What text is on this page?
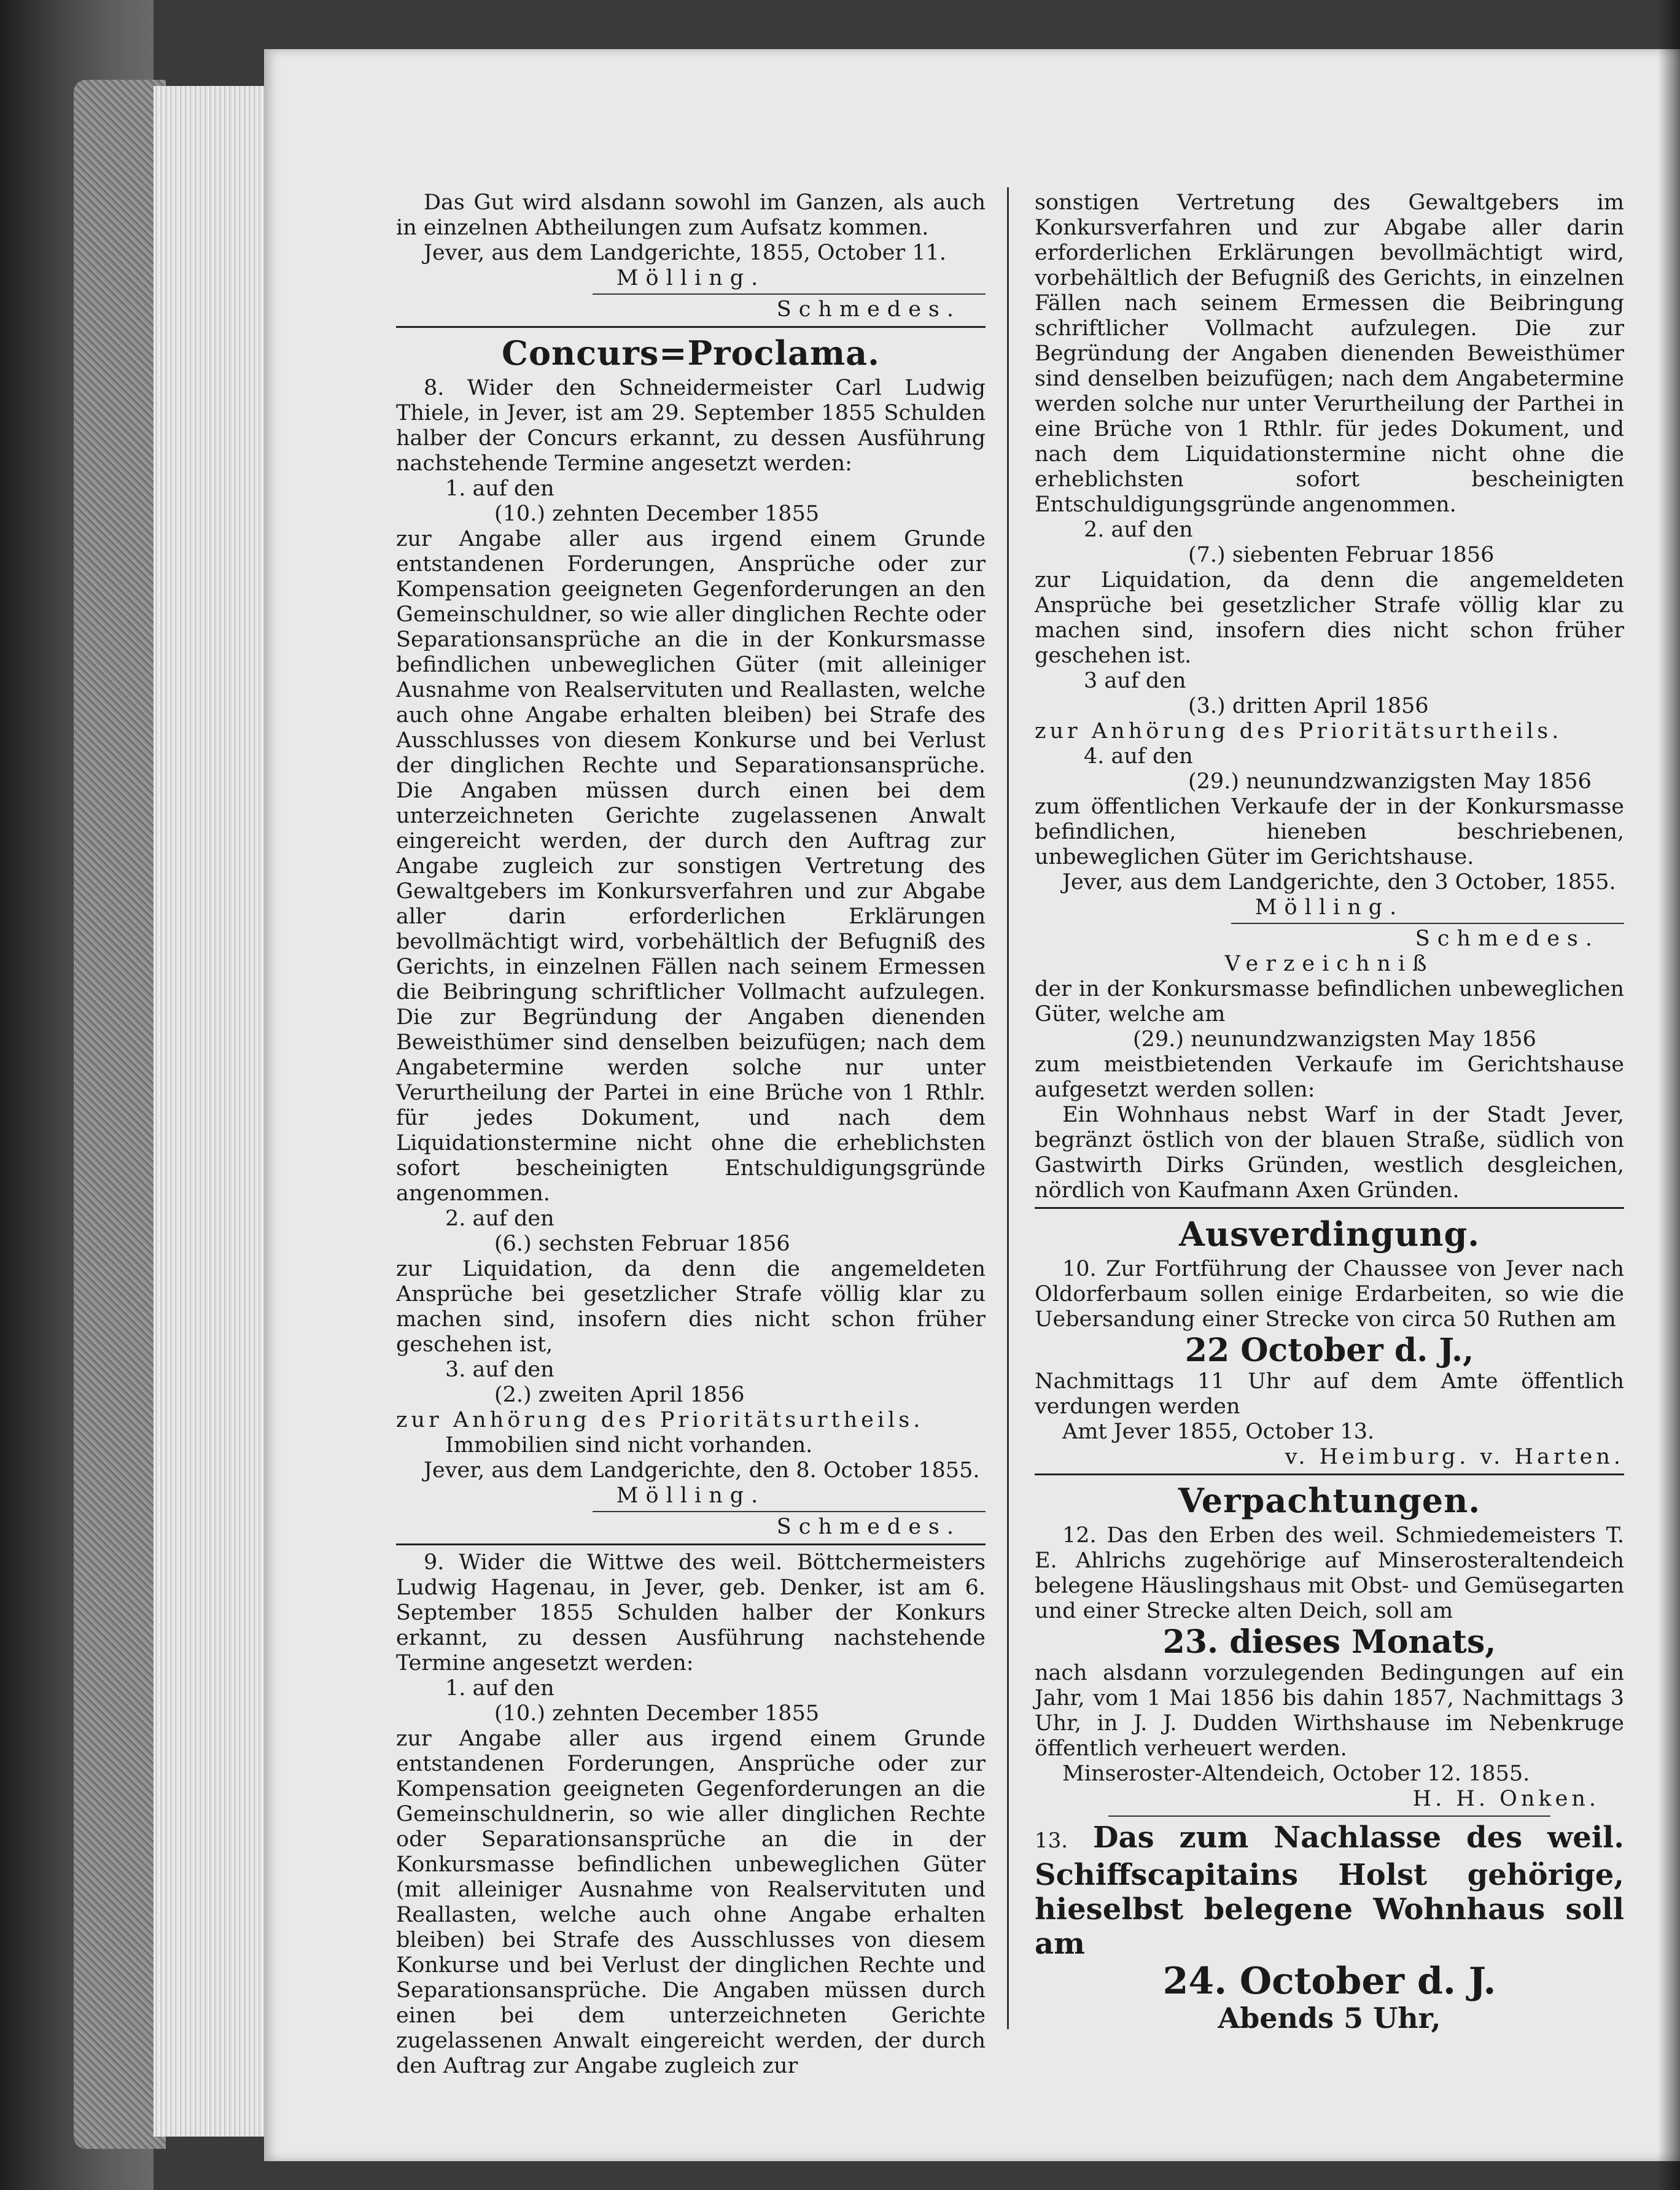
Das Gut wird alsdann sowohl im Ganzen, als auch in einzelnen Abtheilungen zum Aufsatz kommen.

Jever, aus dem Landgerichte, 1855, October 11.

Mölling.

Schmedes.

Concurs=Proclama.

8. Wider den Schneidermeister Carl Ludwig Thiele, in Jever, ist am 29. September 1855 Schulden halber der Concurs erkannt, zu dessen Ausführung nachstehende Termine angesetzt werden:

1. auf den

(10.) zehnten December 1855

zur Angabe aller aus irgend einem Grunde entstandenen Forderungen, Ansprüche oder zur Kompensation geeigneten Gegenforderungen an den Gemeinschuldner, so wie aller dinglichen Rechte oder Separationsansprüche an die in der Konkursmasse befindlichen unbeweglichen Güter (mit alleiniger Ausnahme von Realservituten und Reallasten, welche auch ohne Angabe erhalten bleiben) bei Strafe des Ausschlusses von diesem Konkurse und bei Verlust der dinglichen Rechte und Separationsansprüche. Die Angaben müssen durch einen bei dem unterzeichneten Gerichte zugelassenen Anwalt eingereicht werden, der durch den Auftrag zur Angabe zugleich zur sonstigen Vertretung des Gewaltgebers im Konkursverfahren und zur Abgabe aller darin erforderlichen Erklärungen bevollmächtigt wird, vorbehältlich der Befugniß des Gerichts, in einzelnen Fällen nach seinem Ermessen die Beibringung schriftlicher Vollmacht aufzulegen. Die zur Begründung der Angaben dienenden Beweisthümer sind denselben beizufügen; nach dem Angabetermine werden solche nur unter Verurtheilung der Partei in eine Brüche von 1 Rthlr. für jedes Dokument, und nach dem Liquidationstermine nicht ohne die erheblichsten sofort bescheinigten Entschuldigungsgründe angenommen.

2. auf den

(6.) sechsten Februar 1856

zur Liquidation, da denn die angemeldeten Ansprüche bei gesetzlicher Strafe völlig klar zu machen sind, insofern dies nicht schon früher geschehen ist,

3. auf den

(2.) zweiten April 1856

zur Anhörung des Prioritätsurtheils.

Immobilien sind nicht vorhanden.

Jever, aus dem Landgerichte, den 8. October 1855.

Mölling.

Schmedes.

9. Wider die Wittwe des weil. Böttchermeisters Ludwig Hagenau, in Jever, geb. Denker, ist am 6. September 1855 Schulden halber der Konkurs erkannt, zu dessen Ausführung nachstehende Termine angesetzt werden:

1. auf den

(10.) zehnten December 1855

zur Angabe aller aus irgend einem Grunde entstandenen Forderungen, Ansprüche oder zur Kompensation geeigneten Gegenforderungen an die Gemeinschuldnerin, so wie aller dinglichen Rechte oder Separationsansprüche an die in der Konkursmasse befindlichen unbeweglichen Güter (mit alleiniger Ausnahme von Realservituten und Reallasten, welche auch ohne Angabe erhalten bleiben) bei Strafe des Ausschlusses von diesem Konkurse und bei Verlust der dinglichen Rechte und Separationsansprüche. Die Angaben müssen durch einen bei dem unterzeichneten Gerichte zugelassenen Anwalt eingereicht werden, der durch den Auftrag zur Angabe zugleich zur

sonstigen Vertretung des Gewaltgebers im Konkursverfahren und zur Abgabe aller darin erforderlichen Erklärungen bevollmächtigt wird, vorbehältlich der Befugniß des Gerichts, in einzelnen Fällen nach seinem Ermessen die Beibringung schriftlicher Vollmacht aufzulegen. Die zur Begründung der Angaben dienenden Beweisthümer sind denselben beizufügen; nach dem Angabetermine werden solche nur unter Verurtheilung der Parthei in eine Brüche von 1 Rthlr. für jedes Dokument, und nach dem Liquidationstermine nicht ohne die erheblichsten sofort bescheinigten Entschuldigungsgründe angenommen.

2. auf den

(7.) siebenten Februar 1856

zur Liquidation, da denn die angemeldeten Ansprüche bei gesetzlicher Strafe völlig klar zu machen sind, insofern dies nicht schon früher geschehen ist.

3 auf den

(3.) dritten April 1856

zur Anhörung des Prioritätsurtheils.

4. auf den

(29.) neunundzwanzigsten May 1856

zum öffentlichen Verkaufe der in der Konkursmasse befindlichen, hieneben beschriebenen, unbeweglichen Güter im Gerichtshause.

Jever, aus dem Landgerichte, den 3 October, 1855.

Mölling.

Schmedes.

Verzeichniß

der in der Konkursmasse befindlichen unbeweglichen Güter, welche am

(29.) neunundzwanzigsten May 1856

zum meistbietenden Verkaufe im Gerichtshause aufgesetzt werden sollen:

Ein Wohnhaus nebst Warf in der Stadt Jever, begränzt östlich von der blauen Straße, südlich von Gastwirth Dirks Gründen, westlich desgleichen, nördlich von Kaufmann Axen Gründen.

Ausverdingung.

10. Zur Fortführung der Chaussee von Jever nach Oldorferbaum sollen einige Erdarbeiten, so wie die Uebersandung einer Strecke von circa 50 Ruthen am

22 October d. J.,

Nachmittags 11 Uhr auf dem Amte öffentlich verdungen werden

Amt Jever 1855, October 13.

v. Heimburg. v. Harten.

Verpachtungen.

12. Das den Erben des weil. Schmiedemeisters T. E. Ahlrichs zugehörige auf Minserosteraltendeich belegene Häuslingshaus mit Obst- und Gemüsegarten und einer Strecke alten Deich, soll am

23. dieses Monats,

nach alsdann vorzulegenden Bedingungen auf ein Jahr, vom 1 Mai 1856 bis dahin 1857, Nachmittags 3 Uhr, in J. J. Dudden Wirthshause im Nebenkruge öffentlich verheuert werden.

Minseroster-Altendeich, October 12. 1855.

H. H. Onken.

13. Das zum Nachlasse des weil. Schiffscapitains Holst gehörige, hieselbst belegene Wohnhaus soll am

24. October d. J.

Abends 5 Uhr,
